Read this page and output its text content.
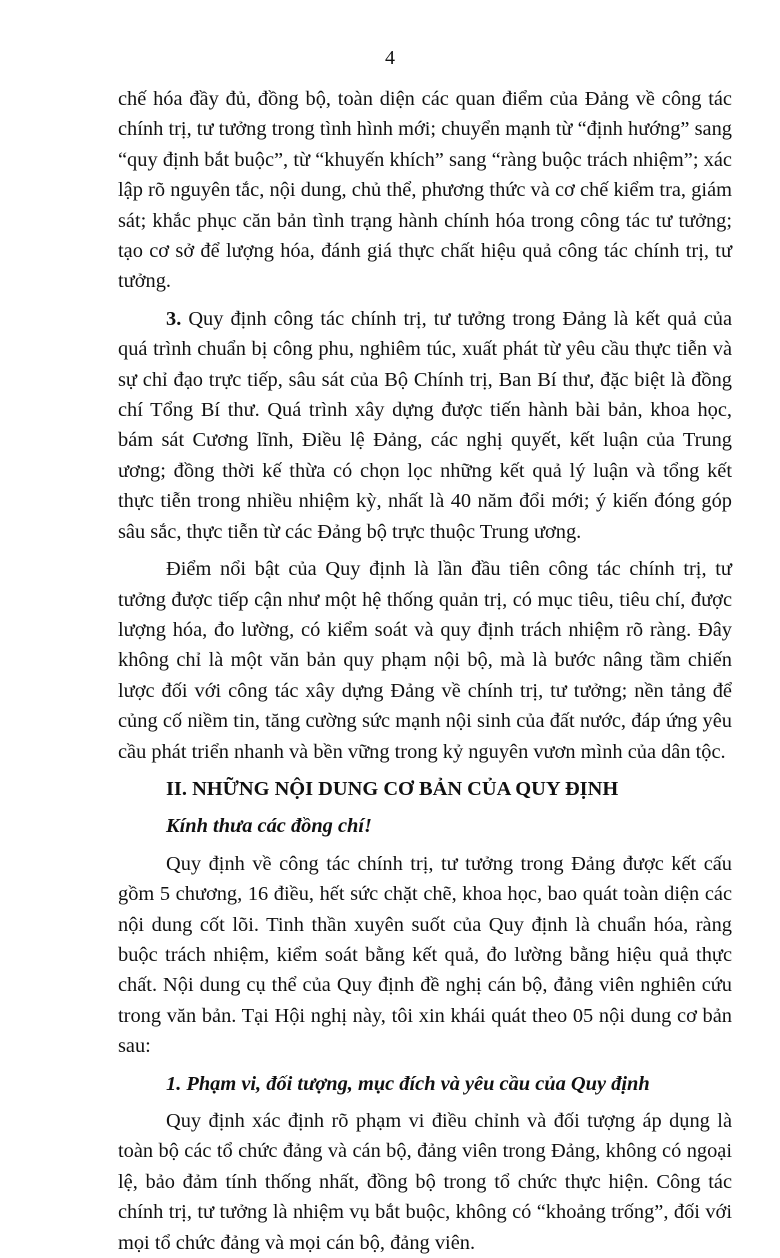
4

chế hóa đầy đủ, đồng bộ, toàn diện các quan điểm của Đảng về công tác chính trị, tư tưởng trong tình hình mới; chuyển mạnh từ “định hướng” sang “quy định bắt buộc”, từ “khuyến khích” sang “ràng buộc trách nhiệm”; xác lập rõ nguyên tắc, nội dung, chủ thể, phương thức và cơ chế kiểm tra, giám sát; khắc phục căn bản tình trạng hành chính hóa trong công tác tư tưởng; tạo cơ sở để lượng hóa, đánh giá thực chất hiệu quả công tác chính trị, tư tưởng.

3. Quy định công tác chính trị, tư tưởng trong Đảng là kết quả của quá trình chuẩn bị công phu, nghiêm túc, xuất phát từ yêu cầu thực tiễn và sự chỉ đạo trực tiếp, sâu sát của Bộ Chính trị, Ban Bí thư, đặc biệt là đồng chí Tổng Bí thư. Quá trình xây dựng được tiến hành bài bản, khoa học, bám sát Cương lĩnh, Điều lệ Đảng, các nghị quyết, kết luận của Trung ương; đồng thời kế thừa có chọn lọc những kết quả lý luận và tổng kết thực tiễn trong nhiều nhiệm kỳ, nhất là 40 năm đổi mới; ý kiến đóng góp sâu sắc, thực tiễn từ các Đảng bộ trực thuộc Trung ương.

Điểm nổi bật của Quy định là lần đầu tiên công tác chính trị, tư tưởng được tiếp cận như một hệ thống quản trị, có mục tiêu, tiêu chí, được lượng hóa, đo lường, có kiểm soát và quy định trách nhiệm rõ ràng. Đây không chỉ là một văn bản quy phạm nội bộ, mà là bước nâng tầm chiến lược đối với công tác xây dựng Đảng về chính trị, tư tưởng; nền tảng để củng cố niềm tin, tăng cường sức mạnh nội sinh của đất nước, đáp ứng yêu cầu phát triển nhanh và bền vững trong kỷ nguyên vươn mình của dân tộc.

II. NHỮNG NỘI DUNG CƠ BẢN CỦA QUY ĐỊNH

Kính thưa các đồng chí!

Quy định về công tác chính trị, tư tưởng trong Đảng được kết cấu gồm 5 chương, 16 điều, hết sức chặt chẽ, khoa học, bao quát toàn diện các nội dung cốt lõi. Tinh thần xuyên suốt của Quy định là chuẩn hóa, ràng buộc trách nhiệm, kiểm soát bằng kết quả, đo lường bằng hiệu quả thực chất. Nội dung cụ thể của Quy định đề nghị cán bộ, đảng viên nghiên cứu trong văn bản. Tại Hội nghị này, tôi xin khái quát theo 05 nội dung cơ bản sau:

1. Phạm vi, đối tượng, mục đích và yêu cầu của Quy định

Quy định xác định rõ phạm vi điều chỉnh và đối tượng áp dụng là toàn bộ các tổ chức đảng và cán bộ, đảng viên trong Đảng, không có ngoại lệ, bảo đảm tính thống nhất, đồng bộ trong tổ chức thực hiện. Công tác chính trị, tư tưởng là nhiệm vụ bắt buộc, không có “khoảng trống”, đối với mọi tổ chức đảng và mọi cán bộ, đảng viên.
